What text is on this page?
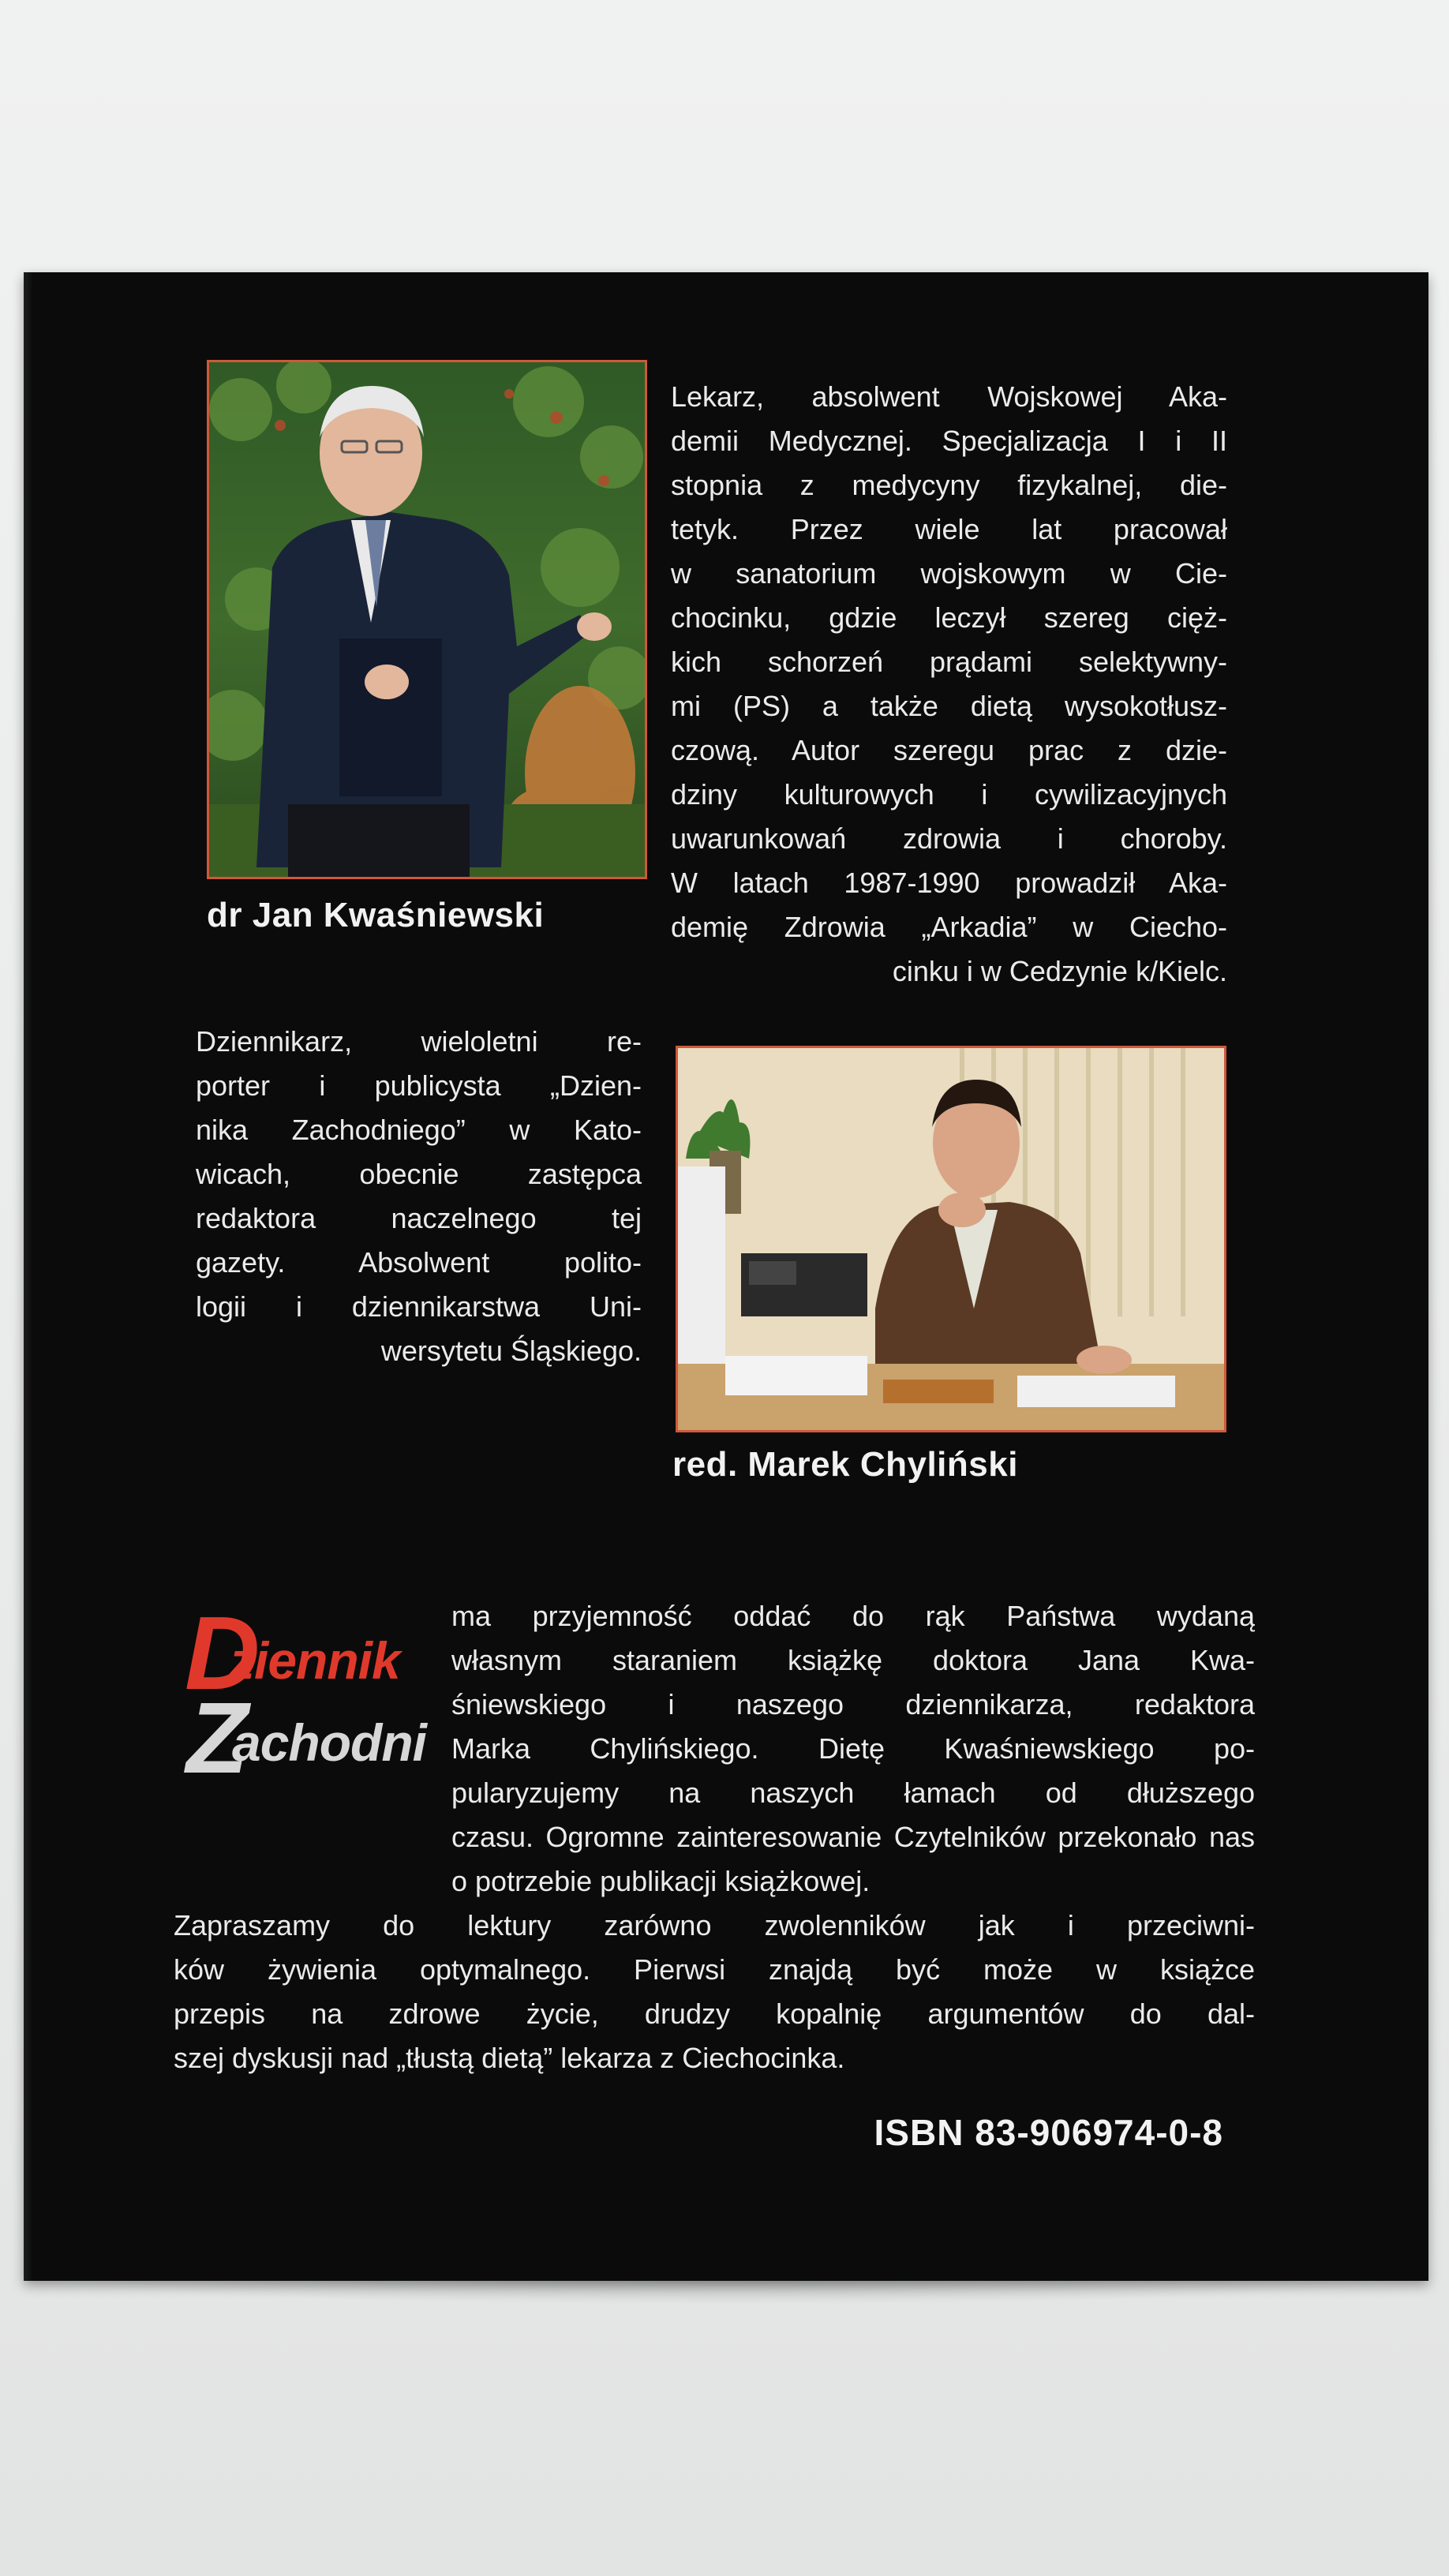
dr Jan Kwaśniewski
Lekarz, absolwent Wojskowej Aka-
demii Medycznej. Specjalizacja I i II
stopnia z medycyny fizykalnej, die-
tetyk. Przez wiele lat pracował
w sanatorium wojskowym w Cie-
chocinku, gdzie leczył szereg cięż-
kich schorzeń prądami selektywny-
mi (PS) a także dietą wysokotłusz-
czową. Autor szeregu prac z dzie-
dziny kulturowych i cywilizacyjnych
uwarunkowań zdrowia i choroby.
W latach 1987-1990 prowadził Aka-
demię Zdrowia „Arkadia” w Ciecho-
cinku i w Cedzynie k/Kielc.
Dziennikarz, wieloletni re-
porter i publicysta „Dzien-
nika Zachodniego” w Kato-
wicach, obecnie zastępca
redaktora naczelnego tej
gazety. Absolwent polito-
logii i dziennikarstwa Uni-
wersytetu Śląskiego.
red. Marek Chyliński
D
ziennik
Z
achodni
ma przyjemność oddać do rąk Państwa wydaną
własnym staraniem książkę doktora Jana Kwa-
śniewskiego i naszego dziennikarza, redaktora
Marka Chylińskiego. Dietę Kwaśniewskiego po-
pularyzujemy na naszych łamach od dłuższego
czasu. Ogromne zainteresowanie Czytelników przekonało nas
o potrzebie publikacji książkowej.
Zapraszamy do lektury zarówno zwolenników jak i przeciwni-
ków żywienia optymalnego. Pierwsi znajdą być może w książce
przepis na zdrowe życie, drudzy kopalnię argumentów do dal-
szej dyskusji nad „tłustą dietą” lekarza z Ciechocinka.
ISBN 83-906974-0-8
